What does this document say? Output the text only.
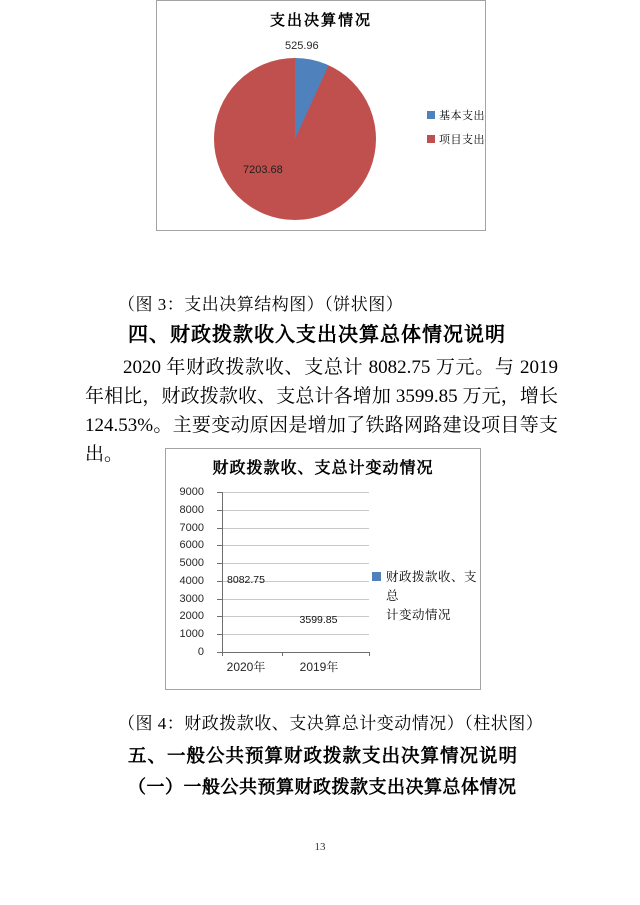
支出决算情况
525.96
7203.68
基本支出
项目支出
（图 3：支出决算结构图）（饼状图）
四、财政拨款收入支出决算总体情况说明

2020 年财政拨款收、支总计 8082.75 万元。与 2019 年相比，财政拨款收、支总计各增加 3599.85 万元，增长 124.53%。主要变动原因是增加了铁路网路建设项目等支出。

财政拨款收、支总计变动情况
9000
8000
7000
6000
5000
4000
3000
2000
1000
0
8082.75
3599.85
2020年	2019年
财政拨款收、支总
计变动情况
（图 4：财政拨款收、支决算总计变动情况）（柱状图）
五、一般公共预算财政拨款支出决算情况说明
（一）一般公共预算财政拨款支出决算总体情况
13
